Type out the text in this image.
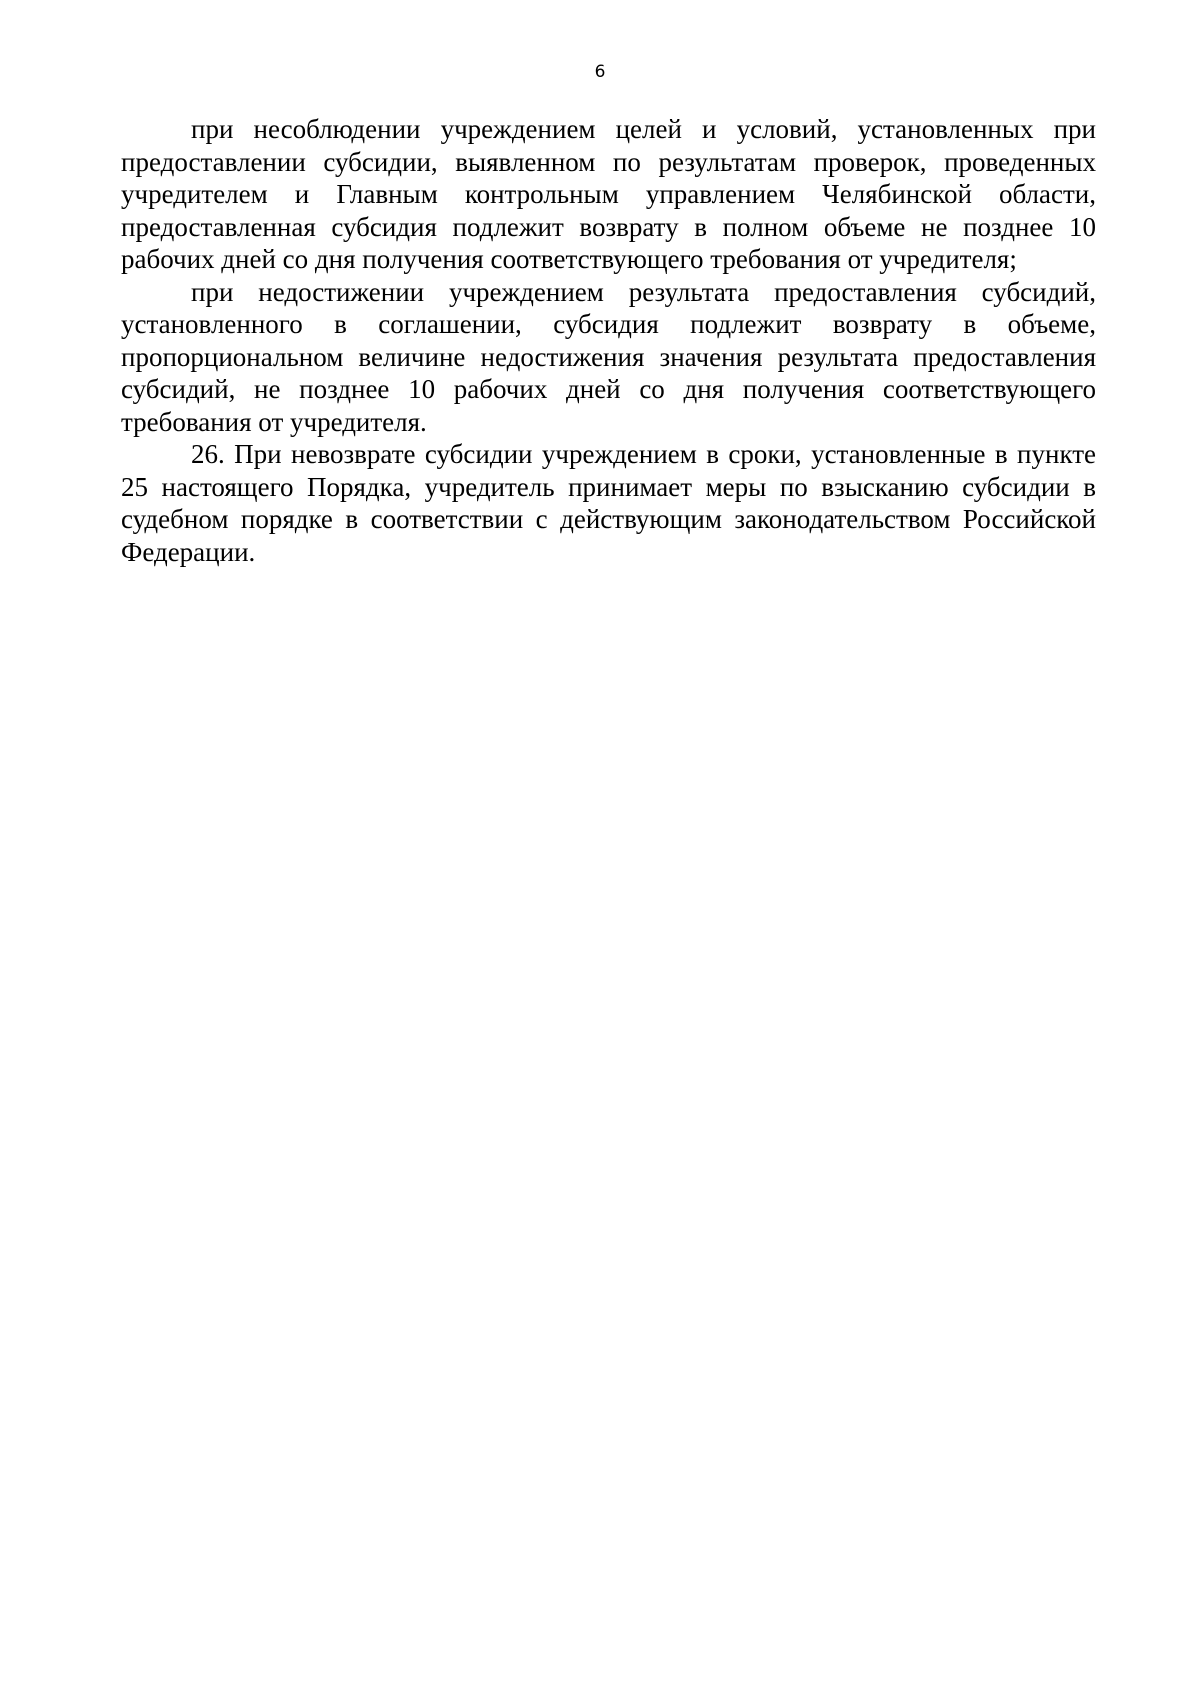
6

при несоблюдении учреждением целей и условий, установленных при предоставлении субсидии, выявленном по результатам проверок, проведенных учредителем и Главным контрольным управлением Челябинской области, предоставленная субсидия подлежит возврату в полном объеме не позднее 10 рабочих дней со дня получения соответствующего требования от учредителя;

при недостижении учреждением результата предоставления субсидий, установленного в соглашении, субсидия подлежит возврату в объеме, пропорциональном величине недостижения значения результата предоставления субсидий, не позднее 10 рабочих дней со дня получения соответствующего требования от учредителя.

26. При невозврате субсидии учреждением в сроки, установленные в пункте 25 настоящего Порядка, учредитель принимает меры по взысканию субсидии в судебном порядке в соответствии с действующим законодательством Российской Федерации.
